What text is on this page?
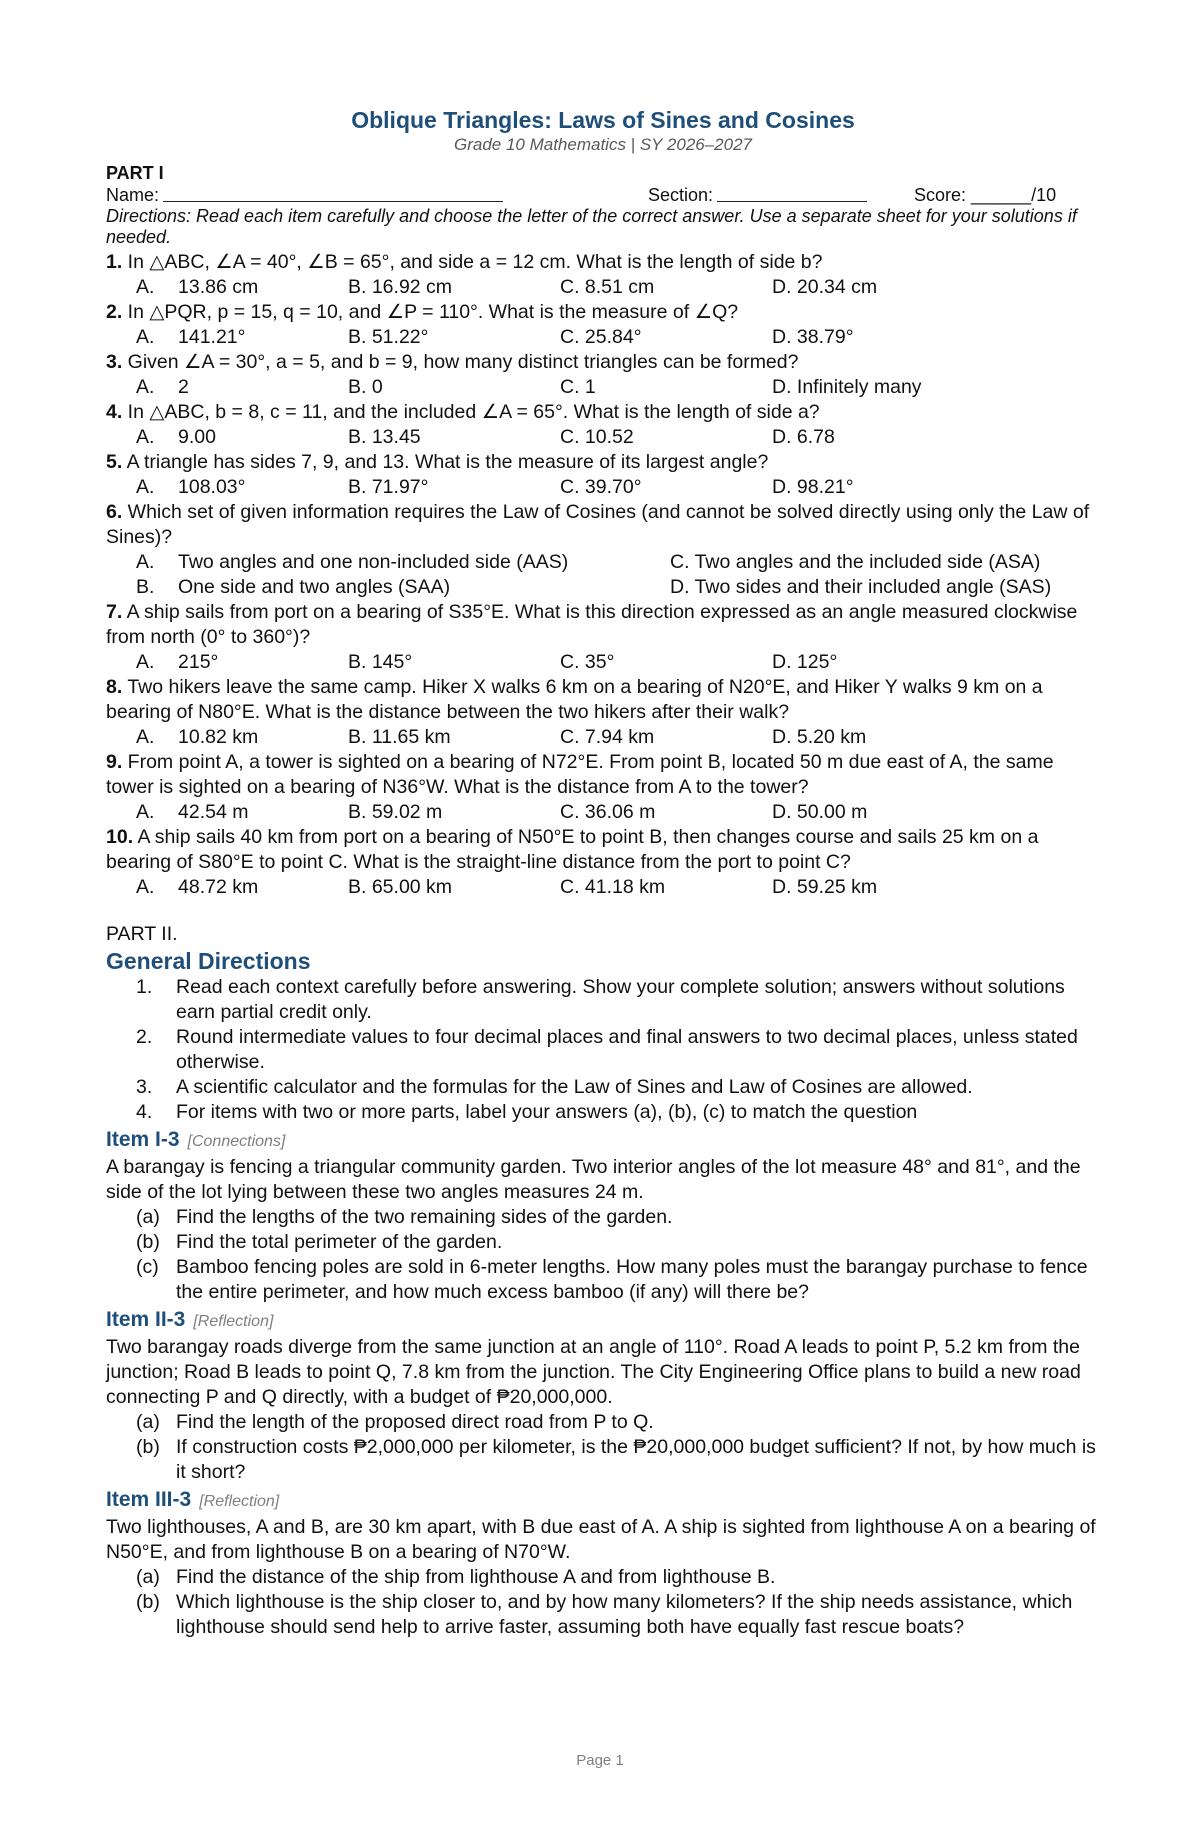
Oblique Triangles: Laws of Sines and Cosines
Grade 10 Mathematics | SY 2026–2027
PART I
Name:	Section:	Score: ______/10
Directions: Read each item carefully and choose the letter of the correct answer. Use a separate sheet for your solutions if needed.
1. In △ABC, ∠A = 40°, ∠B = 65°, and side a = 12 cm. What is the length of side b?
A. 13.86 cm	B. 16.92 cm	C. 8.51 cm	D. 20.34 cm
2. In △PQR, p = 15, q = 10, and ∠P = 110°. What is the measure of ∠Q?
A. 141.21°	B. 51.22°	C. 25.84°	D. 38.79°
3. Given ∠A = 30°, a = 5, and b = 9, how many distinct triangles can be formed?
A. 2	B. 0	C. 1	D. Infinitely many
4. In △ABC, b = 8, c = 11, and the included ∠A = 65°. What is the length of side a?
A. 9.00	B. 13.45	C. 10.52	D. 6.78
5. A triangle has sides 7, 9, and 13. What is the measure of its largest angle?
A. 108.03°	B. 71.97°	C. 39.70°	D. 98.21°
6. Which set of given information requires the Law of Cosines (and cannot be solved directly using only the Law of Sines)?
A. Two angles and one non-included side (AAS)	C. Two angles and the included side (ASA)
B. One side and two angles (SAA)	D. Two sides and their included angle (SAS)
7. A ship sails from port on a bearing of S35°E. What is this direction expressed as an angle measured clockwise from north (0° to 360°)?
A. 215°	B. 145°	C. 35°	D. 125°
8. Two hikers leave the same camp. Hiker X walks 6 km on a bearing of N20°E, and Hiker Y walks 9 km on a bearing of N80°E. What is the distance between the two hikers after their walk?
A. 10.82 km	B. 11.65 km	C. 7.94 km	D. 5.20 km
9. From point A, a tower is sighted on a bearing of N72°E. From point B, located 50 m due east of A, the same tower is sighted on a bearing of N36°W. What is the distance from A to the tower?
A. 42.54 m	B. 59.02 m	C. 36.06 m	D. 50.00 m
10. A ship sails 40 km from port on a bearing of N50°E to point B, then changes course and sails 25 km on a bearing of S80°E to point C. What is the straight-line distance from the port to point C?
A. 48.72 km	B. 65.00 km	C. 41.18 km	D. 59.25 km
PART II.
General Directions
1.	Read each context carefully before answering. Show your complete solution; answers without solutions earn partial credit only.
2.	Round intermediate values to four decimal places and final answers to two decimal places, unless stated otherwise.
3.	A scientific calculator and the formulas for the Law of Sines and Law of Cosines are allowed.
4.	For items with two or more parts, label your answers (a), (b), (c) to match the question
Item I-3 [Connections]
A barangay is fencing a triangular community garden. Two interior angles of the lot measure 48° and 81°, and the side of the lot lying between these two angles measures 24 m.
(a) Find the lengths of the two remaining sides of the garden.
(b) Find the total perimeter of the garden.
(c) Bamboo fencing poles are sold in 6-meter lengths. How many poles must the barangay purchase to fence the entire perimeter, and how much excess bamboo (if any) will there be?
Item II-3 [Reflection]
Two barangay roads diverge from the same junction at an angle of 110°. Road A leads to point P, 5.2 km from the junction; Road B leads to point Q, 7.8 km from the junction. The City Engineering Office plans to build a new road connecting P and Q directly, with a budget of ₱20,000,000.
(a) Find the length of the proposed direct road from P to Q.
(b) If construction costs ₱2,000,000 per kilometer, is the ₱20,000,000 budget sufficient? If not, by how much is it short?
Item III-3 [Reflection]
Two lighthouses, A and B, are 30 km apart, with B due east of A. A ship is sighted from lighthouse A on a bearing of N50°E, and from lighthouse B on a bearing of N70°W.
(a) Find the distance of the ship from lighthouse A and from lighthouse B.
(b) Which lighthouse is the ship closer to, and by how many kilometers? If the ship needs assistance, which lighthouse should send help to arrive faster, assuming both have equally fast rescue boats?
Page 1
